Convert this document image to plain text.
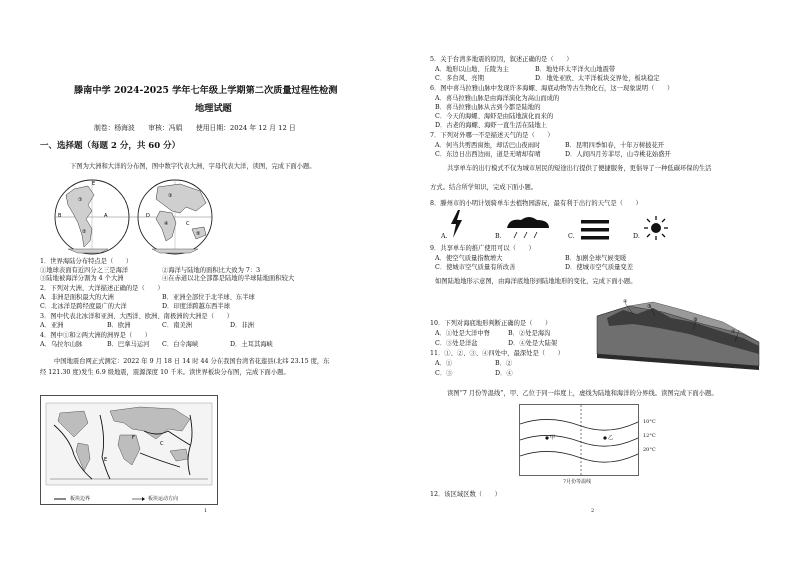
滕南中学 2024-2025 学年七年级上学期第二次质量过程性检测
地理试题
制卷：杨海波　　审核：冯娟　　使用日期：2024 年 12 月 12 日
一、选择题（每题 2 分，共 60 分）
下图为大洲和大洋的分布图，图中数字代表大洲，字母代表大洋，读图，完成下面小题。
①
②
③
④
⑤
A
B
C
D
E
1．世界海陆分布特点是（　　）
①地球表面有近四分之三是海洋	②海洋与陆地的面积比大致为 7：3
③陆地被海洋分割为 4 个大洲	④在赤道以北全部都是陆地的半球陆地面积较大
2．下列对大洲、大洋描述正确的是（　　）
A．非洲是面积最大的大洲	B．亚洲全部位于北半球、东半球
C．北冰洋是跨经度最广的大洋	D．印度洋跨越东西半球
3．图中代表北冰洋和亚洲、大西洋、欧洲、南极洲的大洲是（　　）
A．亚洲	B．欧洲	C．南美洲	D．非洲
4．图中①和②两大洲的洲界是（　　）
A．乌拉尔山脉	B．巴拿马运河 C．白令海峡	D．土耳其海峡
中国地震台网正式测定：2022 年 9 月 18 日 14 时 44 分在我国台湾省花莲县(北纬 23.15 度，东
经 121.30 度)发生 6.9 级地震，震源深度 10 千米。读世界板块分布图，完成下面小题。
F
E
C
板块边界	板块运动方向
1
5．关于台湾多地震的原因，叙述正确的是（　　）
A．地形以山地、丘陵为主	B．地处环太平洋火山地震带
C．多台风、亮期	D．地处亚欧、太平洋板块交界处，板块稳定
6．图中喜马拉雅山脉中发现许多海螺、海底动物等古生物化石，这一现象说明（　　）
A．喜马拉雅山脉是由海洋演化为高山而成的
B．喜马拉雅山脉从古到今都是陆地的
C．今天的海螺、海虾是由陆地演化而来的
D．古老的海螺、海虾一直生活在陆地上
7．下列对外哪一不是描述天气的是（　　）
A．何当共剪西窗烛，却话巴山夜雨时	B．昆明四季如春，十年万树披花开
C．东边日出西边雨，道是无晴却有晴	D．人间四月芳菲尽，山寺桃花始盛开
共享单车的出行模式不仅为城市居民的短途出行提供了便捷服务，更倡导了一种低碳环保的生活
方式。结合所学知识，完成下面小题。
8．滕州市的小明计划骑单车去植物园游玩，最有利于出行的天气是（　　）
A.	B.	C.	D.
9．共享单车的推广使用可以（　　）
A．使空气质量指数增大	B．加剧全球气候变暖
C．使城市空气质量有所改善	D．使城市空气质量变差
如图陆地地形示意图，由海洋底地形到陆地地形的变化，完成下面小题。
10．下列对海底地形判断正确的是（　　）
A．①处是大洋中脊	B．②处是海沟
C．③处是洋盆	D．④处是大陆架
11．①、②、③、④四处中，最深处是（　　）
A．①	B．②
C．③	D．④
④
③
②
①
读图“7 月份等温线”，甲、乙位于同一纬度上，虚线为陆地和海洋的分界线。读图完成下面小题。
甲	乙
10°C
12°C
20°C
7月份等温线
12．该区域区数（　　）
2
